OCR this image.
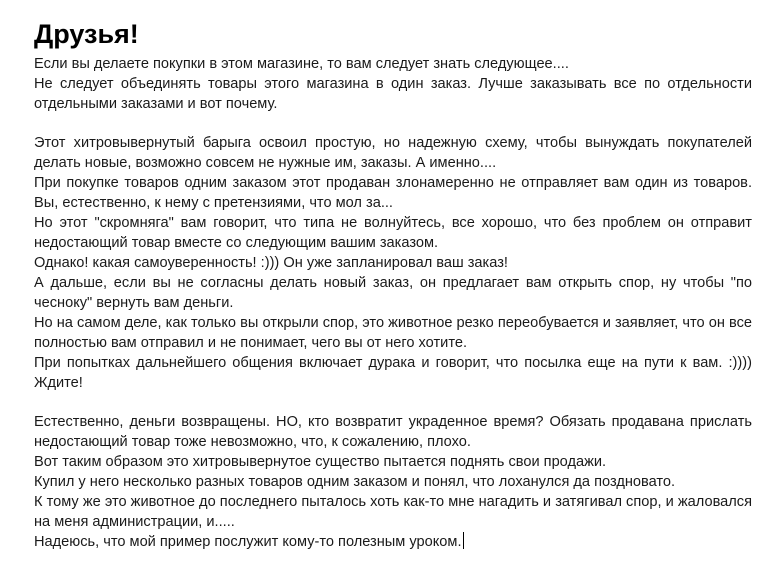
Друзья!

Если вы делаете покупки в этом магазине, то вам следует знать следующее....

Не следует объединять товары этого магазина в один заказ. Лучше заказывать все по отдельности отдельными заказами и вот почему.

Этот хитровывернутый барыга освоил простую, но надежную схему, чтобы вынуждать покупателей делать новые, возможно совсем не нужные им, заказы. А именно....

При покупке товаров одним заказом этот продаван злонамеренно не отправляет вам один из товаров. Вы, естественно, к нему с претензиями, что мол за...

Но этот "скромняга" вам говорит, что типа не волнуйтесь, все хорошо, что без проблем он отправит недостающий товар вместе со следующим вашим заказом.

Однако! какая самоуверенность! :))) Он уже запланировал ваш заказ!

А дальше, если вы не согласны делать новый заказ, он предлагает вам открыть спор, ну чтобы "по чесноку" вернуть вам деньги.

Но на самом деле, как только вы открыли спор, это животное резко переобувается и заявляет, что он все полностью вам отправил и не понимает, чего вы от него хотите.

При попытках дальнейшего общения включает дурака и говорит, что посылка еще на пути к вам. :)))) Ждите!

Естественно, деньги возвращены. НО, кто возвратит украденное время? Обязать продавана прислать недостающий товар тоже невозможно, что, к сожалению, плохо.

Вот таким образом это хитровывернутое существо пытается поднять свои продажи.

Купил у него несколько разных товаров одним заказом и понял, что лоханулся да поздновато.

К тому же это животное до последнего пыталось хоть как-то мне нагадить и затягивал спор, и жаловался на меня администрации, и.....

Надеюсь, что мой пример послужит кому-то полезным уроком.
